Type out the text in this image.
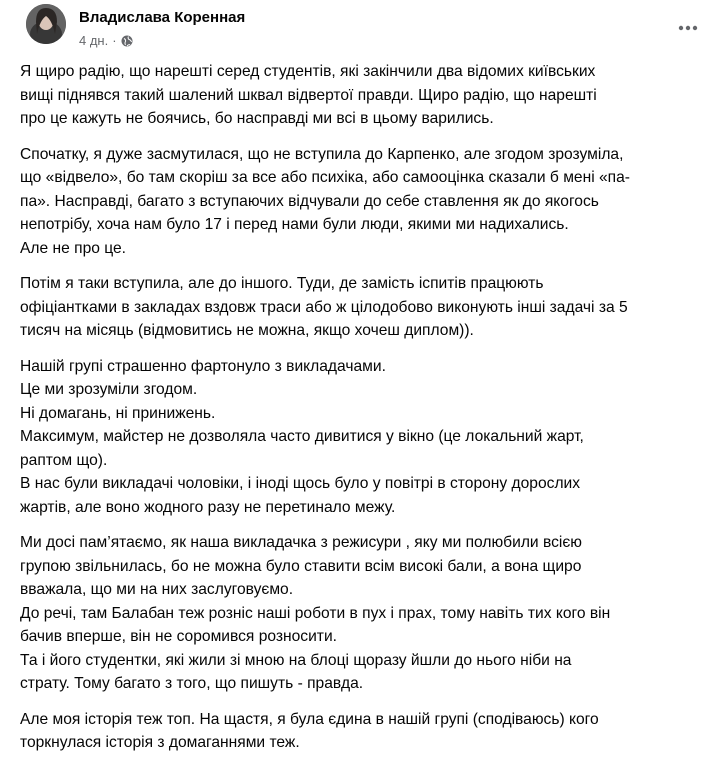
Владислава Коренная
4 дн. ·
Я щиро радію, що нарешті серед студентів, які закінчили два відомих київських
вищі піднявся такий шалений шквал відвертої правди. Щиро радію, що нарешті
про це кажуть не боячись, бо насправді ми всі в цьому варились.
Спочатку, я дуже засмутилася, що не вступила до Карпенко, але згодом зрозуміла,
що «відвело», бо там скоріш за все або психіка, або самооцінка сказали б мені «па-
па». Насправді, багато з вступаючих відчували до себе ставлення як до якогось
непотрібу, хоча нам було 17 і перед нами були люди, якими ми надихались.
Але не про це.
Потім я таки вступила, але до іншого. Туди, де замість іспитів працюють
офіціантками в закладах вздовж траси або ж цілодобово виконують інші задачі за 5
тисяч на місяць (відмовитись не можна, якщо хочеш диплом)).
Нашій групі страшенно фартонуло з викладачами.
Це ми зрозуміли згодом.
Ні домагань, ні принижень.
Максимум, майстер не дозволяла часто дивитися у вікно (це локальний жарт,
раптом що).
В нас були викладачі чоловіки, і іноді щось було у повітрі в сторону дорослих
жартів, але воно жодного разу не перетинало межу.
Ми досі пам’ятаємо, як наша викладачка з режисури , яку ми полюбили всією
групою звільнилась, бо не можна було ставити всім високі бали, а вона щиро
вважала, що ми на них заслуговуємо.
До речі, там Балабан теж розніс наші роботи в пух і прах, тому навіть тих кого він
бачив вперше, він не соромився розносити.
Та і його студентки, які жили зі мною на блоці щоразу йшли до нього ніби на
страту. Тому багато з того, що пишуть - правда.
Але моя історія теж топ. На щастя, я була єдина в нашій групі (сподіваюсь) кого
торкнулася історія з домаганнями теж.
